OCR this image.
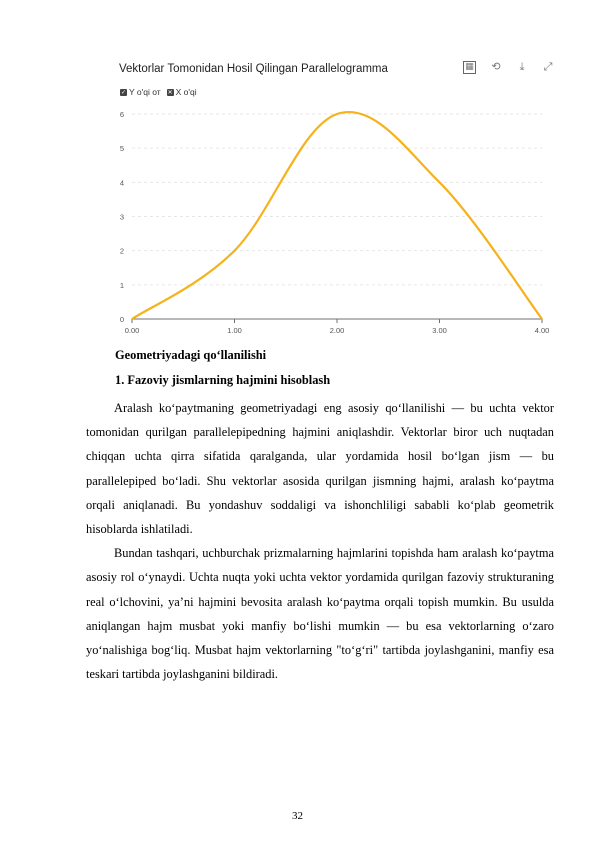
Vektorlar Tomonidan Hosil Qilingan Parallelogramma	▦ ⟲	⤓	⤢
✓ Y o'qi от ✕ X o'qi
0
1
2
3
4
5
6
0.00	1.00	2.00	3.00	4.00
Geometriyadagi qo‘llanilishi
1. Fazoviy jismlarning hajmini hisoblash

Aralash ko‘paytmaning geometriyadagi eng asosiy qo‘llanilishi — bu uchta vektor tomonidan qurilgan parallelepipedning hajmini aniqlashdir. Vektorlar biror uch nuqtadan chiqqan uchta qirra sifatida qaralganda, ular yordamida hosil bo‘lgan jism — bu parallelepiped bo‘ladi. Shu vektorlar asosida qurilgan jismning hajmi, aralash ko‘paytma orqali aniqlanadi. Bu yondashuv soddaligi va ishonchliligi sababli ko‘plab geometrik hisoblarda ishlatiladi.

Bundan tashqari, uchburchak prizmalarning hajmlarini topishda ham aralash ko‘paytma asosiy rol o‘ynaydi. Uchta nuqta yoki uchta vektor yordamida qurilgan fazoviy strukturaning real o‘lchovini, ya’ni hajmini bevosita aralash ko‘paytma orqali topish mumkin. Bu usulda aniqlangan hajm musbat yoki manfiy bo‘lishi mumkin — bu esa vektorlarning o‘zaro yo‘nalishiga bog‘liq. Musbat hajm vektorlarning "to‘g‘ri" tartibda joylashganini, manfiy esa teskari tartibda joylashganini bildiradi.

32
